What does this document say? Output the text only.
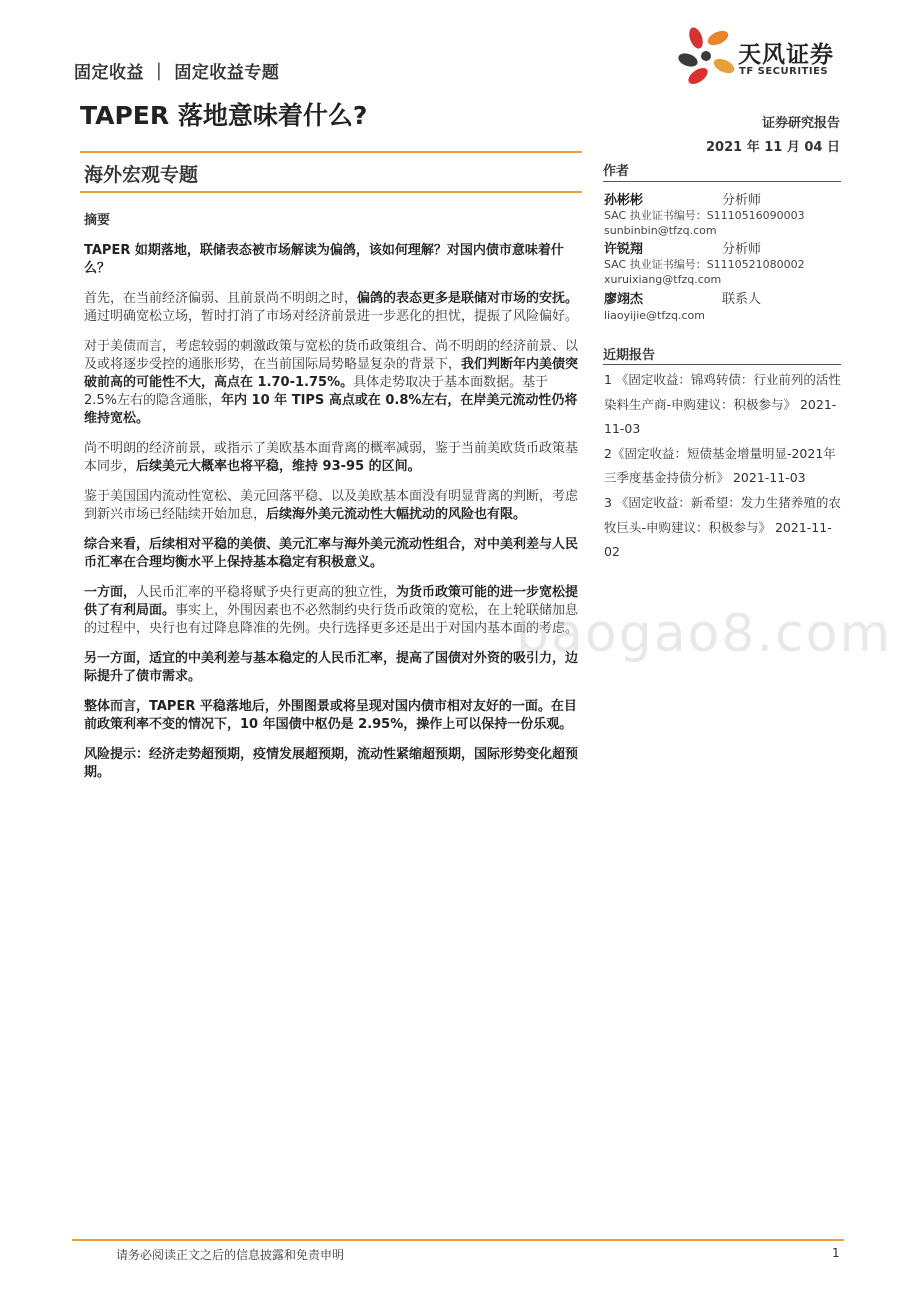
固定收益 ｜ 固定收益专题
天风证券
TF SECURITIES
TAPER 落地意味着什么?	证券研究报告
2021 年 11 月 04 日
海外宏观专题
摘要

TAPER 如期落地，联储表态被市场解读为偏鸽，该如何理解？对国内债市意味着什么？

首先，在当前经济偏弱、且前景尚不明朗之时，偏鸽的表态更多是联储对市场的安抚。通过明确宽松立场，暂时打消了市场对经济前景进一步恶化的担忧，提振了风险偏好。

对于美债而言，考虑较弱的刺激政策与宽松的货币政策组合、尚不明朗的经济前景、以及或将逐步受控的通胀形势，在当前国际局势略显复杂的背景下，我们判断年内美债突破前高的可能性不大，高点在 1.70-1.75%。具体走势取决于基本面数据。基于 2.5%左右的隐含通胀，年内 10 年 TIPS 高点或在 0.8%左右，在岸美元流动性仍将维持宽松。

尚不明朗的经济前景，或指示了美欧基本面背离的概率减弱，鉴于当前美欧货币政策基本同步，后续美元大概率也将平稳，维持 93-95 的区间。

鉴于美国国内流动性宽松、美元回落平稳、以及美欧基本面没有明显背离的判断，考虑到新兴市场已经陆续开始加息，后续海外美元流动性大幅扰动的风险也有限。

综合来看，后续相对平稳的美债、美元汇率与海外美元流动性组合，对中美利差与人民币汇率在合理均衡水平上保持基本稳定有积极意义。

一方面，人民币汇率的平稳将赋予央行更高的独立性，为货币政策可能的进一步宽松提供了有利局面。事实上，外围因素也不必然制约央行货币政策的宽松，在上轮联储加息的过程中，央行也有过降息降准的先例。央行选择更多还是出于对国内基本面的考虑。

另一方面，适宜的中美利差与基本稳定的人民币汇率，提高了国债对外资的吸引力，边际提升了债市需求。

整体而言，TAPER 平稳落地后，外围图景或将呈现对国内债市相对友好的一面。在目前政策利率不变的情况下，10 年国债中枢仍是 2.95%，操作上可以保持一份乐观。

风险提示：经济走势超预期，疫情发展超预期，流动性紧缩超预期，国际形势变化超预期。

作者
孙彬彬	分析师
SAC 执业证书编号：S1110516090003
sunbinbin@tfzq.com
许锐翔	分析师
SAC 执业证书编号：S1110521080002
xuruixiang@tfzq.com
廖翊杰	联系人
liaoyijie@tfzq.com
近期报告

1 《固定收益：锦鸡转债：行业前列的活性染料生产商-申购建议：积极参与》 2021-11-03

2《固定收益：短债基金增量明显-2021年三季度基金持债分析》 2021-11-03

3 《固定收益：新希望：发力生猪养殖的农牧巨头-申购建议：积极参与》 2021-11-02

baogao8.com
请务必阅读正文之后的信息披露和免责申明	1
